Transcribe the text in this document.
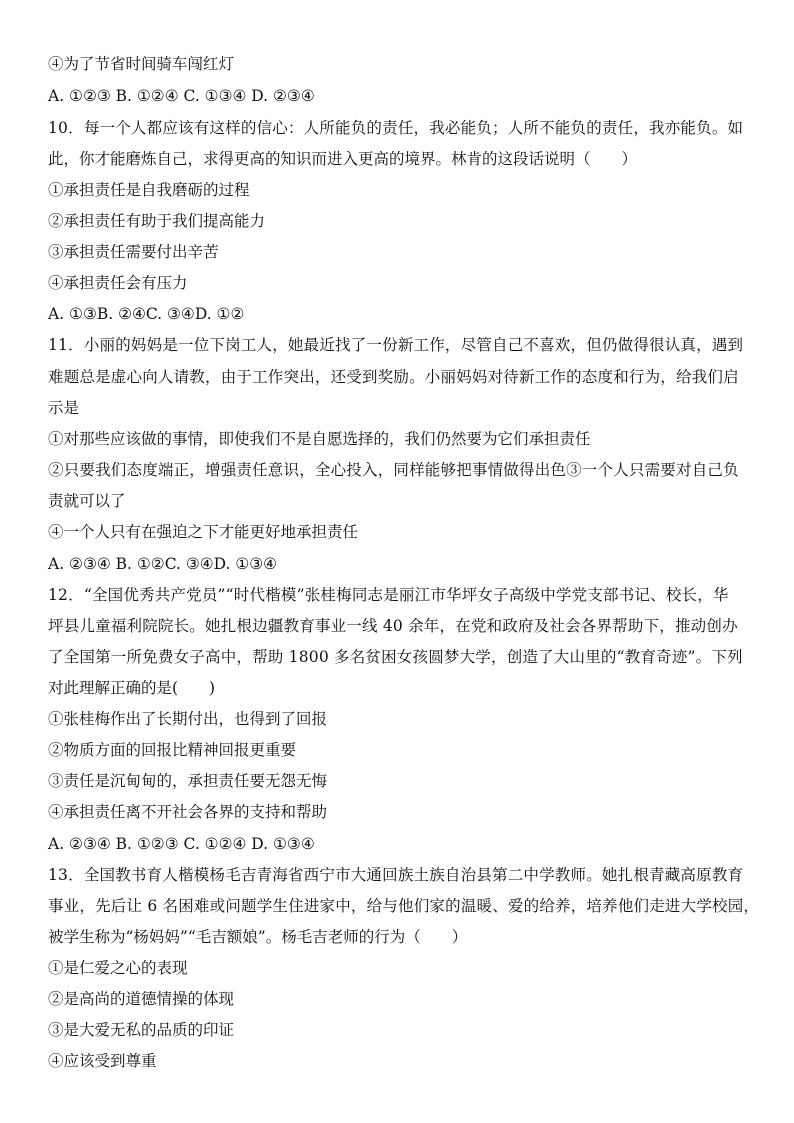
④为了节省时间骑车闯红灯
A. ①②③ B. ①②④ C. ①③④ D. ②③④
10．每一个人都应该有这样的信心：人所能负的责任，我必能负；人所不能负的责任，我亦能负。如
此，你才能磨炼自己，求得更高的知识而进入更高的境界。林肯的这段话说明（　　）
①承担责任是自我磨砺的过程
②承担责任有助于我们提高能力
③承担责任需要付出辛苦
④承担责任会有压力
A. ①③B. ②④C. ③④D. ①②
11．小丽的妈妈是一位下岗工人，她最近找了一份新工作，尽管自己不喜欢，但仍做得很认真，遇到
难题总是虚心向人请教，由于工作突出，还受到奖励。小丽妈妈对待新工作的态度和行为，给我们启
示是
①对那些应该做的事情，即使我们不是自愿选择的，我们仍然要为它们承担责任
②只要我们态度端正，增强责任意识，全心投入，同样能够把事情做得出色③一个人只需要对自己负
责就可以了
④一个人只有在强迫之下才能更好地承担责任
A. ②③④ B. ①②C. ③④D. ①③④
12．“全国优秀共产党员”“时代楷模”张桂梅同志是丽江市华坪女子高级中学党支部书记、校长，华
坪县儿童福利院院长。她扎根边疆教育事业一线 40 余年，在党和政府及社会各界帮助下，推动创办
了全国第一所免费女子高中，帮助 1800 多名贫困女孩圆梦大学，创造了大山里的“教育奇迹”。下列
对此理解正确的是(　　)
①张桂梅作出了长期付出，也得到了回报
②物质方面的回报比精神回报更重要
③责任是沉甸甸的，承担责任要无怨无悔
④承担责任离不开社会各界的支持和帮助
A. ②③④ B. ①②③ C. ①②④ D. ①③④
13．全国教书育人楷模杨毛吉青海省西宁市大通回族土族自治县第二中学教师。她扎根青藏高原教育
事业，先后让 6 名困难或问题学生住进家中，给与他们家的温暖、爱的给养，培养他们走进大学校园，
被学生称为“杨妈妈”“毛吉额娘”。杨毛吉老师的行为（　　）
①是仁爱之心的表现
②是高尚的道德情操的体现
③是大爱无私的品质的印证
④应该受到尊重
